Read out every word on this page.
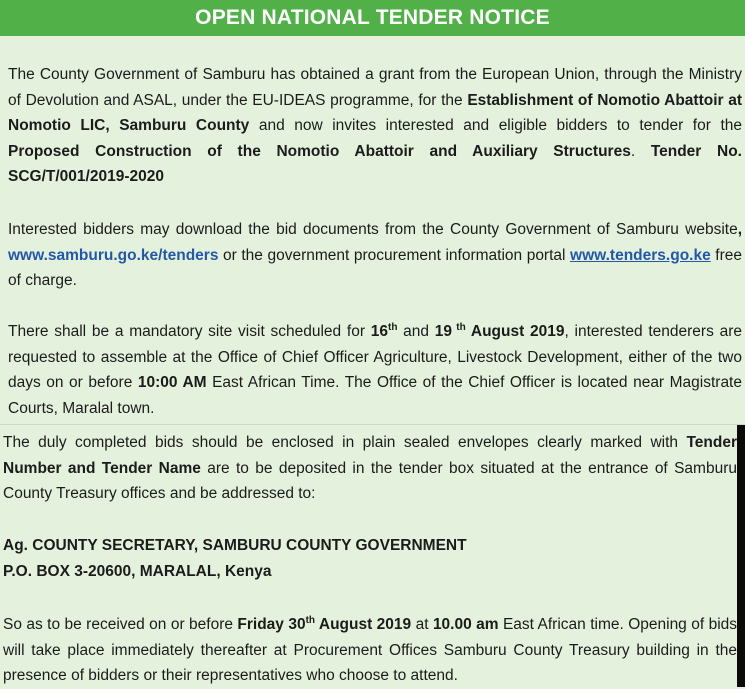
OPEN NATIONAL TENDER NOTICE

The County Government of Samburu has obtained a grant from the European Union, through the Ministry of Devolution and ASAL, under the EU-IDEAS programme, for the Establishment of Nomotio Abattoir at Nomotio LIC, Samburu County and now invites interested and eligible bidders to tender for the Proposed Construction of the Nomotio Abattoir and Auxiliary Structures. Tender No. SCG/T/001/2019-2020

Interested bidders may download the bid documents from the County Government of Samburu website, www.samburu.go.ke/tenders or the government procurement information portal www.tenders.go.ke free of charge.

There shall be a mandatory site visit scheduled for 16th and 19 $^{th}$ August 2019, interested tenderers are requested to assemble at the Office of Chief Officer Agriculture, Livestock Development, either of the two days on or before 10:00 AM East African Time. The Office of the Chief Officer is located near Magistrate Courts, Maralal town.

The duly completed bids should be enclosed in plain sealed envelopes clearly marked with Tender Number and Tender Name are to be deposited in the tender box situated at the entrance of Samburu County Treasury offices and be addressed to:

Ag. COUNTY SECRETARY, SAMBURU COUNTY GOVERNMENT
P.O. BOX 3-20600, MARALAL, Kenya

So as to be received on or before Friday 30th August 2019 at 10.00 am East African time. Opening of bids will take place immediately thereafter at Procurement Offices Samburu County Treasury building in the presence of bidders or their representatives who choose to attend.
